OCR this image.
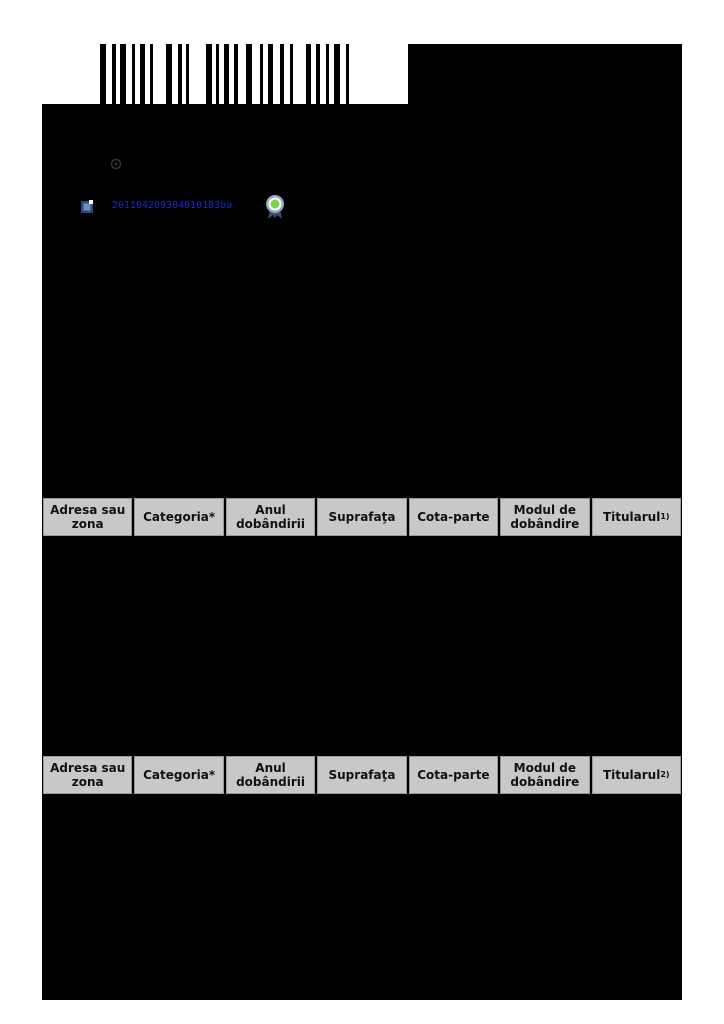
201104209304010183ba
Adresa sau zona	Categoria*	Anul dobândirii	Suprafaţa	Cota-parte	Modul de dobândire	Titularul 1)
Adresa sau zona	Categoria*	Anul dobândirii	Suprafaţa	Cota-parte	Modul de dobândire	Titularul 2)
